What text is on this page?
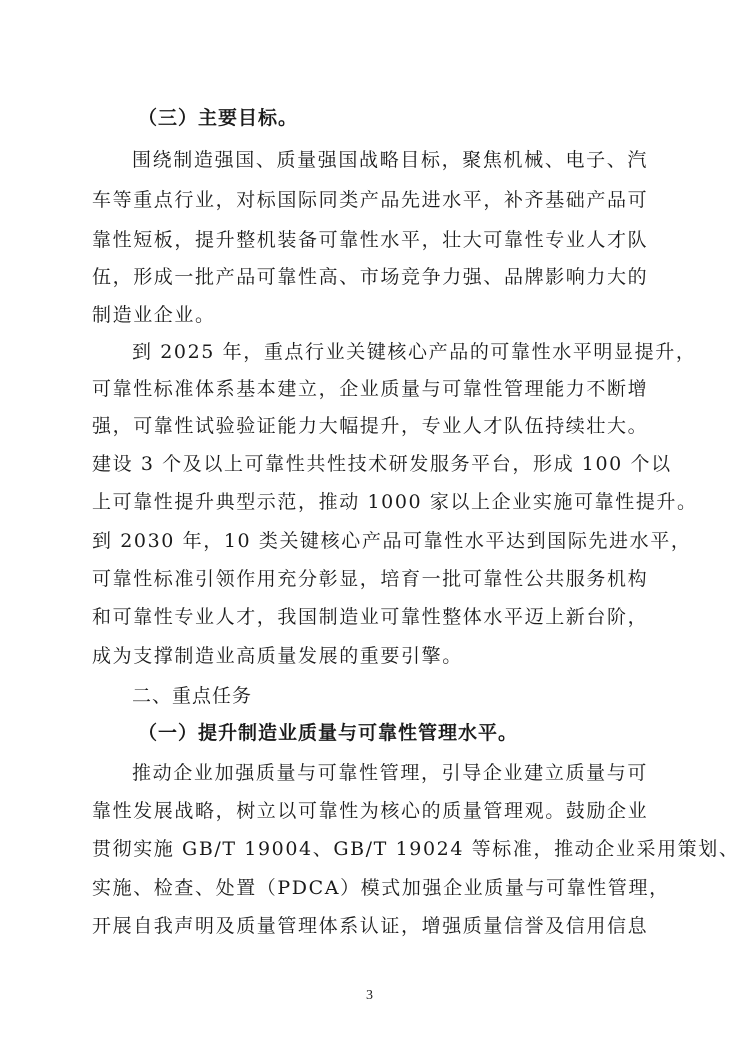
（三）主要目标。
围绕制造强国、质量强国战略目标，聚焦机械、电子、汽
车等重点行业，对标国际同类产品先进水平，补齐基础产品可
靠性短板，提升整机装备可靠性水平，壮大可靠性专业人才队
伍，形成一批产品可靠性高、市场竞争力强、品牌影响力大的
制造业企业。
到 2025 年，重点行业关键核心产品的可靠性水平明显提升，
可靠性标准体系基本建立，企业质量与可靠性管理能力不断增
强，可靠性试验验证能力大幅提升，专业人才队伍持续壮大。
建设 3 个及以上可靠性共性技术研发服务平台，形成 100 个以
上可靠性提升典型示范，推动 1000 家以上企业实施可靠性提升。
到 2030 年，10 类关键核心产品可靠性水平达到国际先进水平，
可靠性标准引领作用充分彰显，培育一批可靠性公共服务机构
和可靠性专业人才，我国制造业可靠性整体水平迈上新台阶，
成为支撑制造业高质量发展的重要引擎。
二、重点任务
（一）提升制造业质量与可靠性管理水平。
推动企业加强质量与可靠性管理，引导企业建立质量与可
靠性发展战略，树立以可靠性为核心的质量管理观。鼓励企业
贯彻实施 GB/T 19004、GB/T 19024 等标准，推动企业采用策划、
实施、检查、处置（PDCA）模式加强企业质量与可靠性管理，
开展自我声明及质量管理体系认证，增强质量信誉及信用信息
3
